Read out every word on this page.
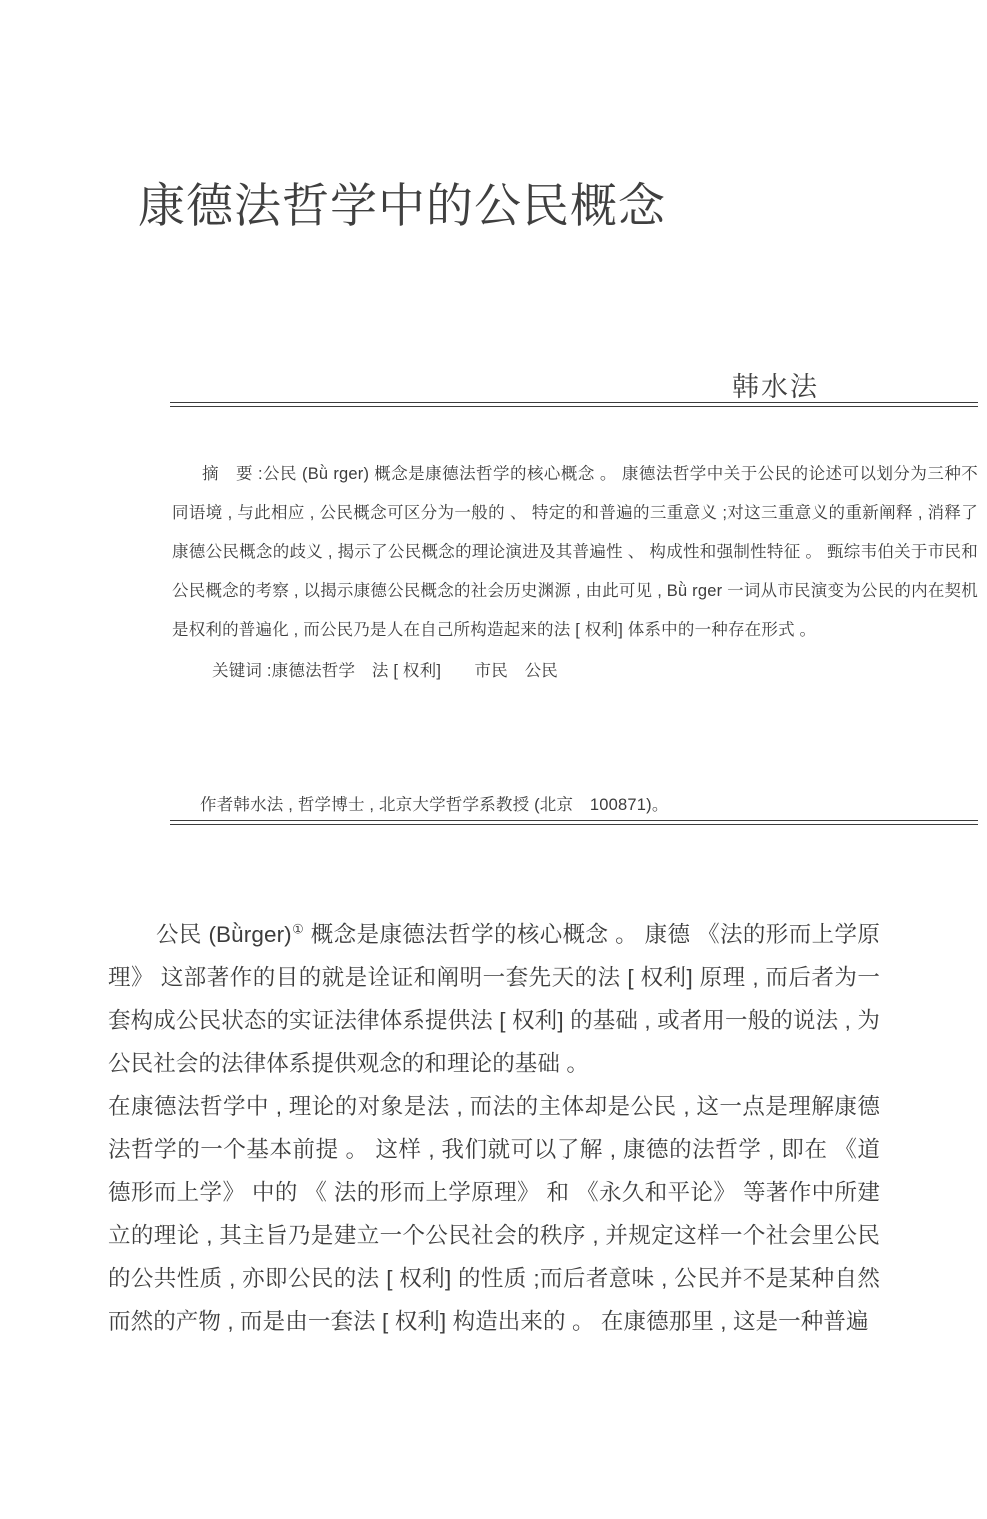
康德法哲学中的公民概念
韩水法
摘　要 :公民 (Bǜ rger) 概念是康德法哲学的核心概念 。 康德法哲学中关于公民的论述可以划分为三种不同语境 , 与此相应 , 公民概念可区分为一般的 、 特定的和普遍的三重意义 ;对这三重意义的重新阐释 , 消释了康德公民概念的歧义 , 揭示了公民概念的理论演进及其普遍性 、 构成性和强制性特征 。 甄综韦伯关于市民和公民概念的考察 , 以揭示康德公民概念的社会历史渊源 , 由此可见 , Bǜ rger 一词从市民演变为公民的内在契机是权利的普遍化 , 而公民乃是人在自己所构造起来的法 [ 权利] 体系中的一种存在形式 。
关键词 :康德法哲学　法 [ 权利]　　市民　公民
作者韩水法 , 哲学博士 , 北京大学哲学系教授 (北京　100871)。

公民 (Bǜrger)① 概念是康德法哲学的核心概念 。 康德 《法的形而上学原理》 这部著作的目的就是诠证和阐明一套先天的法 [ 权利] 原理 , 而后者为一套构成公民状态的实证法律体系提供法 [ 权利] 的基础 , 或者用一般的说法 , 为公民社会的法律体系提供观念的和理论的基础 。

在康德法哲学中 , 理论的对象是法 , 而法的主体却是公民 , 这一点是理解康德法哲学的一个基本前提 。 这样 , 我们就可以了解 , 康德的法哲学 , 即在 《道德形而上学》 中的 《 法的形而上学原理》 和 《永久和平论》 等著作中所建立的理论 , 其主旨乃是建立一个公民社会的秩序 , 并规定这样一个社会里公民的公共性质 , 亦即公民的法 [ 权利] 的性质 ;而后者意味 , 公民并不是某种自然而然的产物 , 而是由一套法 [ 权利] 构造出来的 。 在康德那里 , 这是一种普遍
